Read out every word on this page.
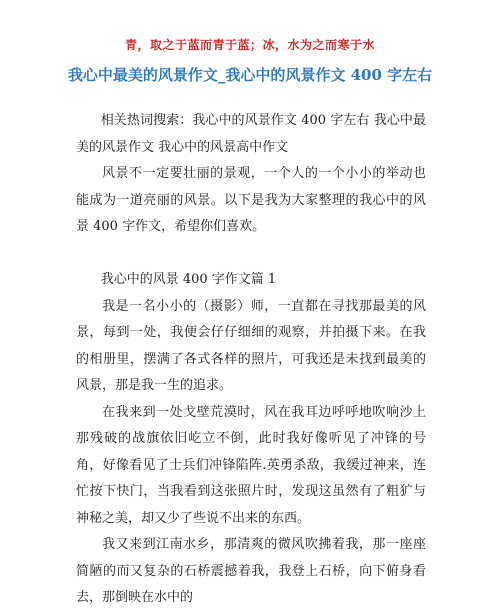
青，取之于蓝而青于蓝；冰，水为之而寒于水
我心中最美的风景作文_我心中的风景作文 400 字左右

相关热词搜索：我心中的风景作文 400 字左右 我心中最美的风景作文 我心中的风景高中作文

风景不一定要壮丽的景观，一个人的一个小小的举动也能成为一道亮丽的风景。以下是我为大家整理的我心中的风景 400 字作文，希望你们喜欢。

我心中的风景 400 字作文篇 1

我是一名小小的（摄影）师，一直都在寻找那最美的风景，每到一处，我便会仔仔细细的观察，并拍摄下来。在我的相册里，摆满了各式各样的照片，可我还是未找到最美的风景，那是我一生的追求。

在我来到一处戈壁荒漠时，风在我耳边呼呼地吹响沙上那残破的战旗依旧屹立不倒，此时我好像听见了冲锋的号角，好像看见了士兵们冲锋陷阵.英勇杀敌，我缓过神来，连忙按下快门，当我看到这张照片时，发现这虽然有了粗犷与神秘之美，却又少了些说不出来的东西。

我又来到江南水乡，那清爽的微风吹拂着我，那一座座简陋的而又复杂的石桥震撼着我，我登上石桥，向下俯身看去，那倒映在水中的
